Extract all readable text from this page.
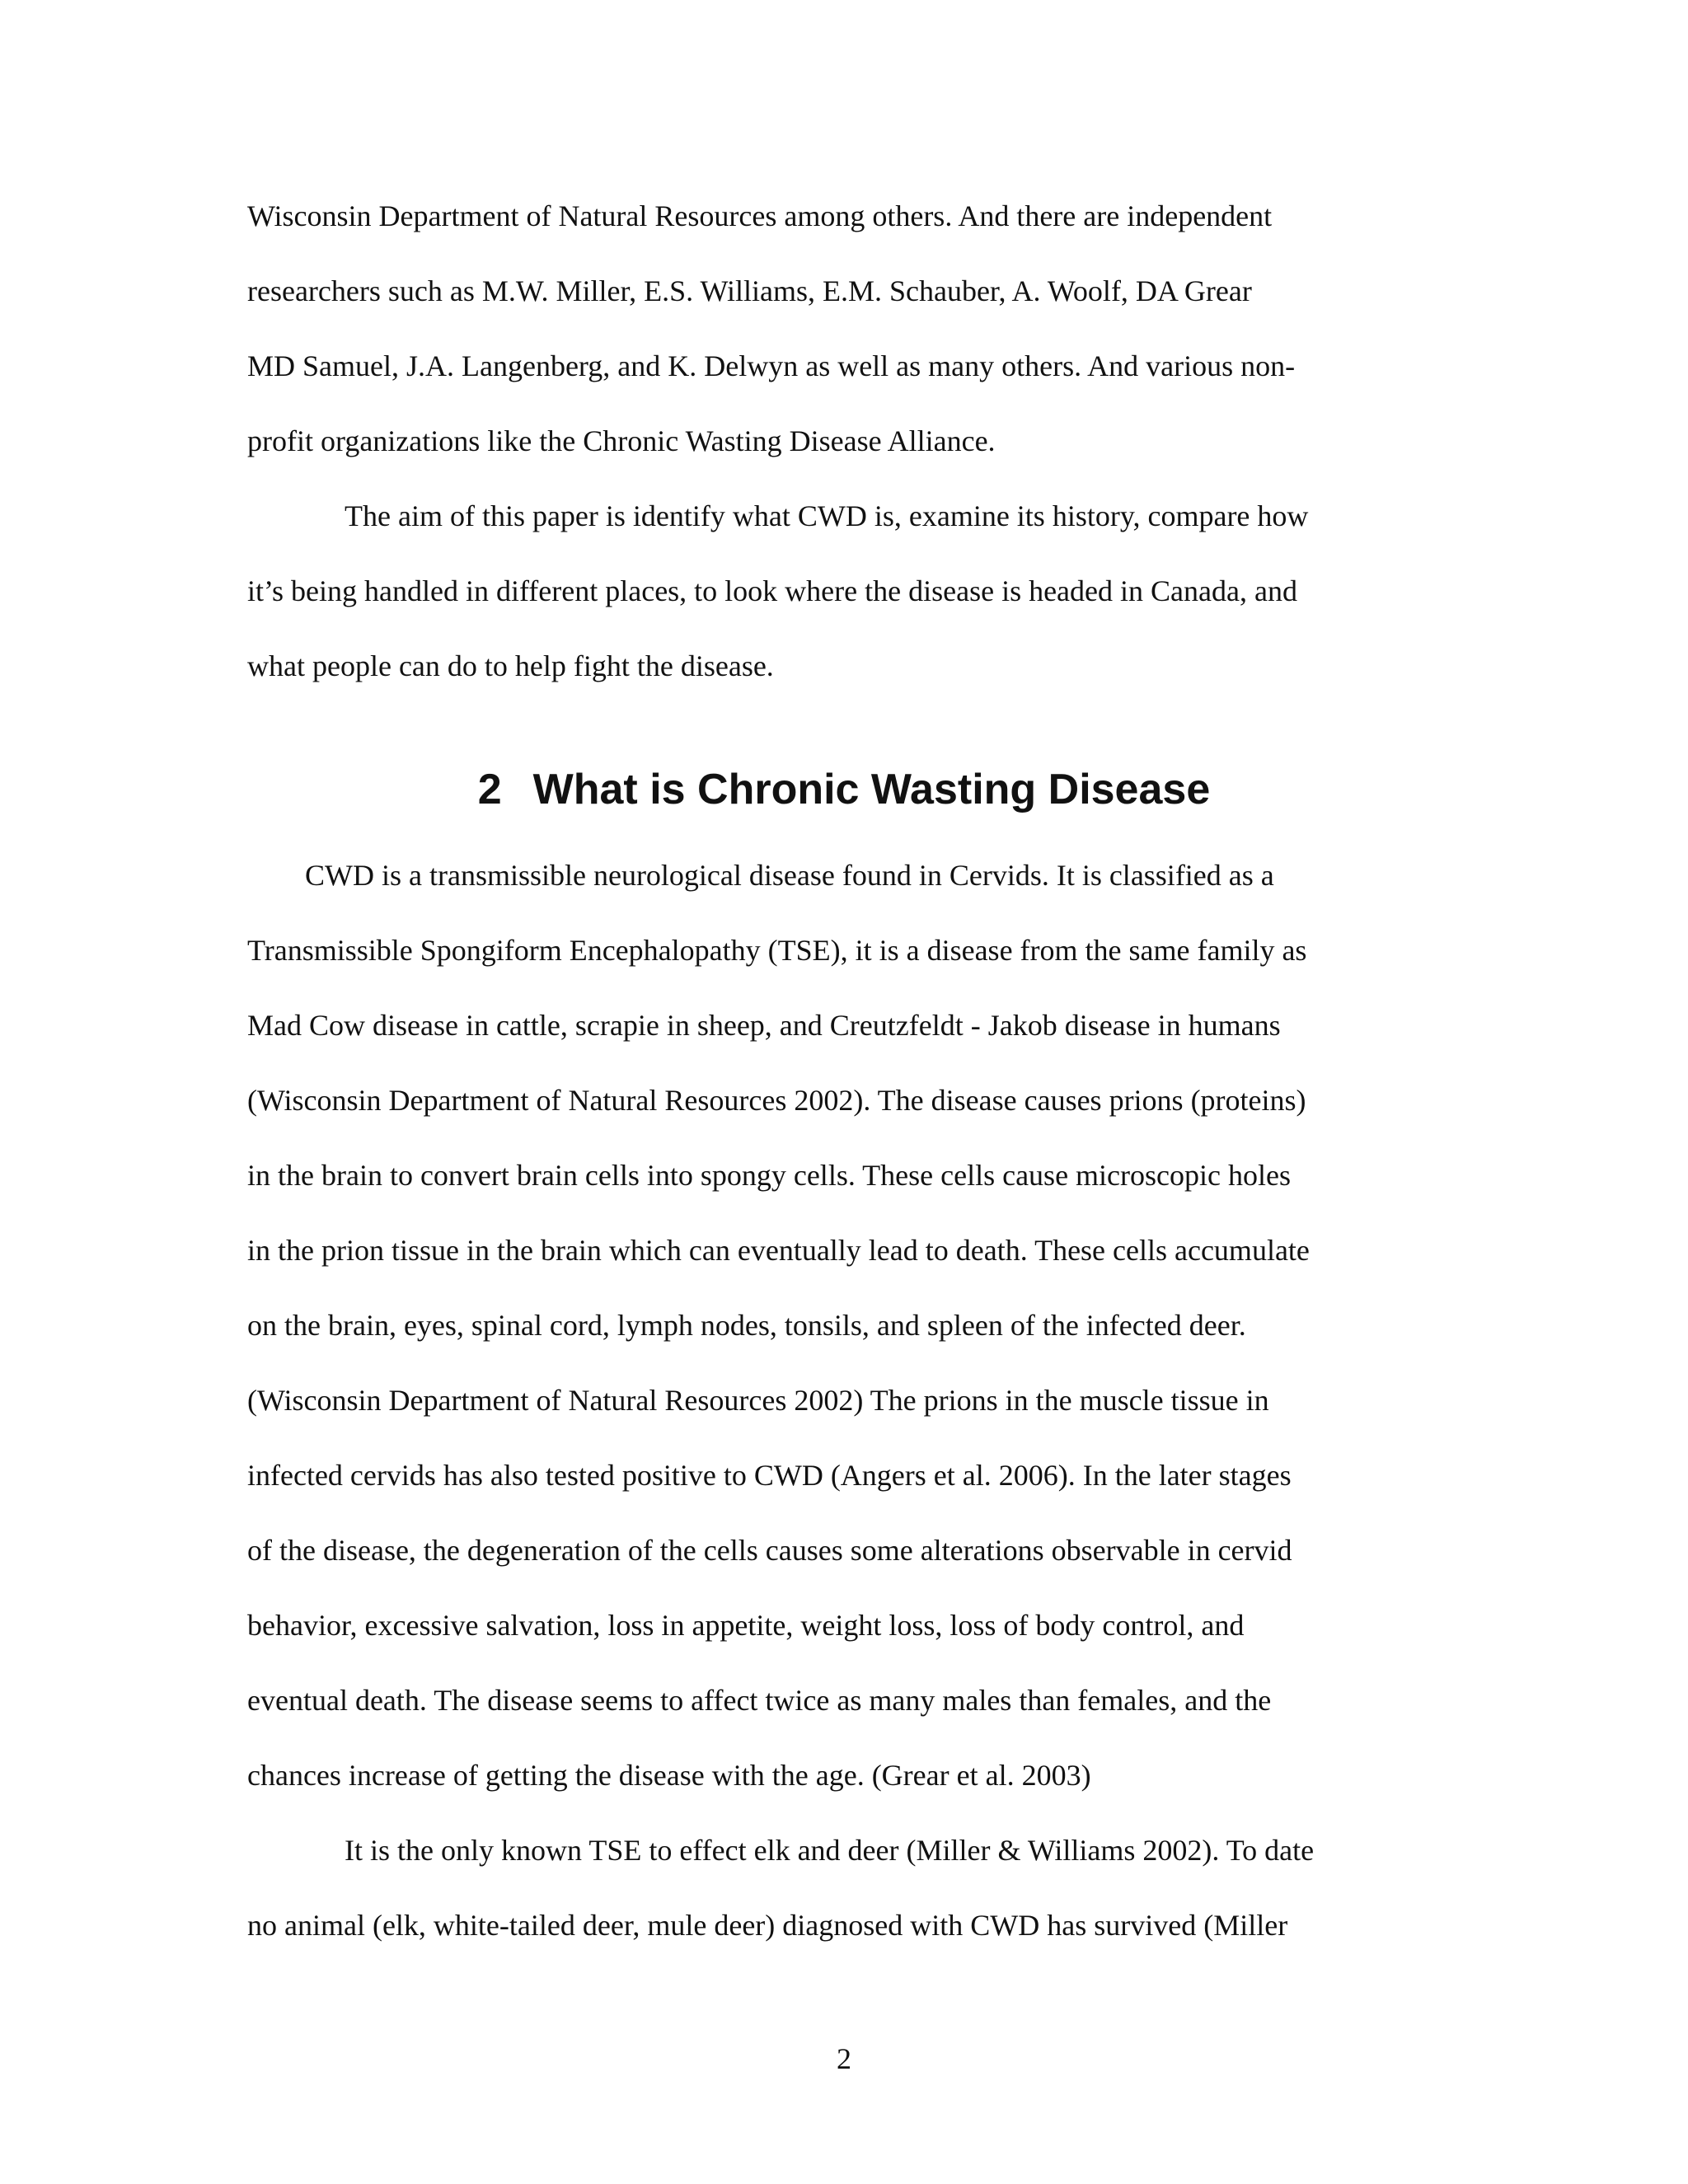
Wisconsin Department of Natural Resources among others. And there are independent

researchers such as M.W. Miller, E.S. Williams, E.M. Schauber, A. Woolf, DA Grear

MD Samuel, J.A. Langenberg, and K. Delwyn as well as many others. And various non-

profit organizations like the Chronic Wasting Disease Alliance.

The aim of this paper is identify what CWD is, examine its history, compare how

it’s being handled in different places, to look where the disease is headed in Canada, and

what people can do to help fight the disease.

2 What is Chronic Wasting Disease

CWD is a transmissible neurological disease found in Cervids. It is classified as a

Transmissible Spongiform Encephalopathy (TSE), it is a disease from the same family as

Mad Cow disease in cattle, scrapie in sheep, and Creutzfeldt - Jakob disease in humans

(Wisconsin Department of Natural Resources 2002). The disease causes prions (proteins)

in the brain to convert brain cells into spongy cells. These cells cause microscopic holes

in the prion tissue in the brain which can eventually lead to death. These cells accumulate

on the brain, eyes, spinal cord, lymph nodes, tonsils, and spleen of the infected deer.

(Wisconsin Department of Natural Resources 2002) The prions in the muscle tissue in

infected cervids has also tested positive to CWD (Angers et al. 2006). In the later stages

of the disease, the degeneration of the cells causes some alterations observable in cervid

behavior, excessive salvation, loss in appetite, weight loss, loss of body control, and

eventual death. The disease seems to affect twice as many males than females, and the

chances increase of getting the disease with the age. (Grear et al. 2003)

It is the only known TSE to effect elk and deer (Miller & Williams 2002). To date

no animal (elk, white-tailed deer, mule deer) diagnosed with CWD has survived (Miller

2
